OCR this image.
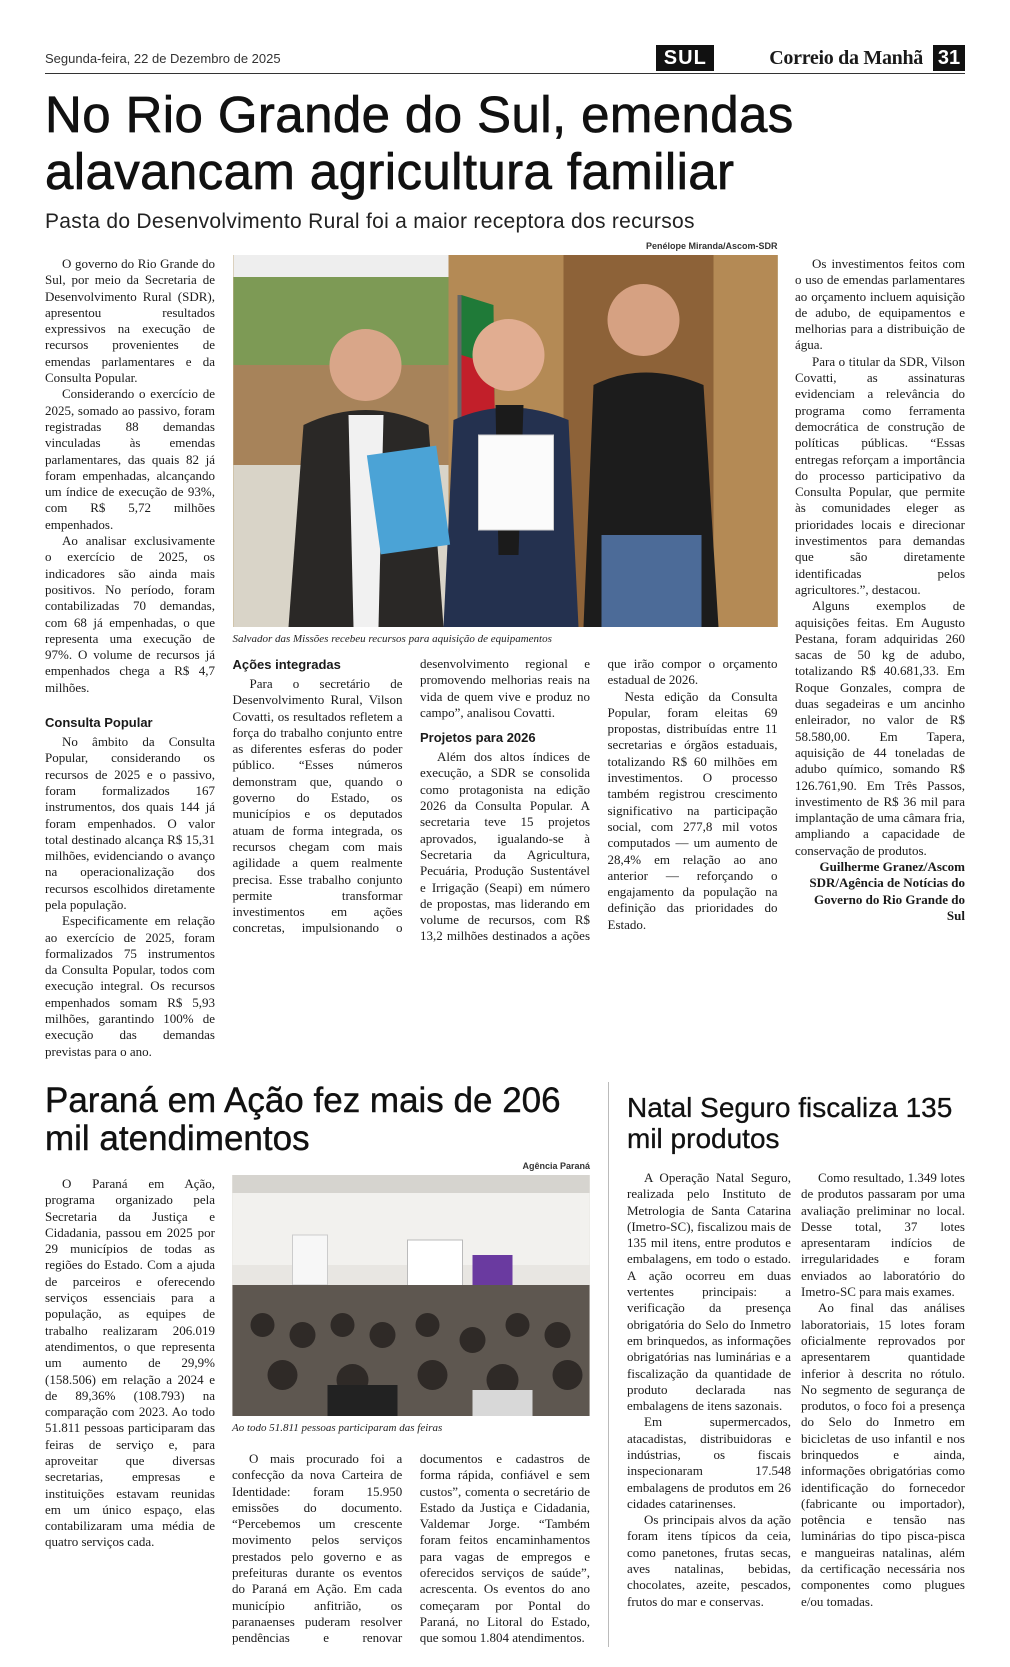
Segunda-feira, 22 de Dezembro de 2025	SUL	Correio da Manhã 31
No Rio Grande do Sul, emendas
alavancam agricultura familiar
Pasta do Desenvolvimento Rural foi a maior receptora dos recursos

O governo do Rio Grande do Sul, por meio da Secretaria de Desenvolvimento Rural (SDR), apresentou resultados expressivos na execução de recursos provenientes de emendas parlamentares e da Consulta Popular.

Considerando o exercício de 2025, somado ao passivo, foram registradas 88 demandas vinculadas às emendas parlamentares, das quais 82 já foram empenhadas, alcançando um índice de execução de 93%, com R$ 5,72 milhões empenhados.

Ao analisar exclusivamente o exercício de 2025, os indicadores são ainda mais positivos. No período, foram contabilizadas 70 demandas, com 68 já empenhadas, o que representa uma execução de 97%. O volume de recursos já empenhados chega a R$ 4,7 milhões.

Consulta Popular

No âmbito da Consulta Popular, considerando os recursos de 2025 e o passivo, foram formalizados 167 instrumentos, dos quais 144 já foram empenhados. O valor total destinado alcança R$ 15,31 milhões, evidenciando o avanço na operacionalização dos recursos escolhidos diretamente pela população.

Especificamente em relação ao exercício de 2025, foram formalizados 75 instrumentos da Consulta Popular, todos com execução integral. Os recursos empenhados somam R$ 5,93 milhões, garantindo 100% de execução das demandas previstas para o ano.

Penélope Miranda/Ascom-SDR
Salvador das Missões recebeu recursos para aquisição de equipamentos
Ações integradas

Para o secretário de Desenvolvimento Rural, Vilson Covatti, os resultados refletem a força do trabalho conjunto entre as diferentes esferas do poder público. “Esses números demonstram que, quando o governo do Estado, os municípios e os deputados atuam de forma integrada, os recursos chegam com mais agilidade a quem realmente precisa. Esse trabalho conjunto permite transformar investimentos em ações concretas, impulsionando o desenvolvimento regional e promovendo melhorias reais na vida de quem vive e produz no campo”, analisou Covatti.

Projetos para 2026

Além dos altos índices de execução, a SDR se consolida como protagonista na edição 2026 da Consulta Popular. A secretaria teve 15 projetos aprovados, igualando-se à Secretaria da Agricultura, Pecuária, Produção Sustentável e Irrigação (Seapi) em número de propostas, mas liderando em volume de recursos, com R$ 13,2 milhões destinados a ações que irão compor o orçamento estadual de 2026.

Nesta edição da Consulta Popular, foram eleitas 69 propostas, distribuídas entre 11 secretarias e órgãos estaduais, totalizando R$ 60 milhões em investimentos. O processo também registrou crescimento significativo na participação social, com 277,8 mil votos computados — um aumento de 28,4% em relação ao ano anterior — reforçando o engajamento da população na definição das prioridades do Estado.

Os investimentos feitos com o uso de emendas parlamentares ao orçamento incluem aquisição de adubo, de equipamentos e melhorias para a distribuição de água.

Para o titular da SDR, Vilson Covatti, as assinaturas evidenciam a relevância do programa como ferramenta democrática de construção de políticas públicas. “Essas entregas reforçam a importância do processo participativo da Consulta Popular, que permite às comunidades eleger as prioridades locais e direcionar investimentos para demandas que são diretamente identificadas pelos agricultores.”, destacou.

Alguns exemplos de aquisições feitas. Em Augusto Pestana, foram adquiridas 260 sacas de 50 kg de adubo, totalizando R$ 40.681,33. Em Roque Gonzales, compra de duas segadeiras e um ancinho enleirador, no valor de R$ 58.580,00. Em Tapera, aquisição de 44 toneladas de adubo químico, somando R$ 126.761,90. Em Três Passos, investimento de R$ 36 mil para implantação de uma câmara fria, ampliando a capacidade de conservação de produtos.

Guilherme Granez/Ascom SDR/Agência de Notícias do Governo do Rio Grande do Sul

Paraná em Ação fez mais de 206 mil atendimentos

O Paraná em Ação, programa organizado pela Secretaria da Justiça e Cidadania, passou em 2025 por 29 municípios de todas as regiões do Estado. Com a ajuda de parceiros e oferecendo serviços essenciais para a população, as equipes de trabalho realizaram 206.019 atendimentos, o que representa um aumento de 29,9% (158.506) em relação a 2024 e de 89,36% (108.793) na comparação com 2023. Ao todo 51.811 pessoas participaram das feiras de serviço e, para aproveitar que diversas secretarias, empresas e instituições estavam reunidas em um único espaço, elas contabilizaram uma média de quatro serviços cada.

Agência Paraná
Ao todo 51.811 pessoas participaram das feiras

O mais procurado foi a confecção da nova Carteira de Identidade: foram 15.950 emissões do documento. “Percebemos um crescente movimento pelos serviços prestados pelo governo e as prefeituras durante os eventos do Paraná em Ação. Em cada município anfitrião, os paranaenses puderam resolver pendências e renovar documentos e cadastros de forma rápida, confiável e sem custos”, comenta o secretário de Estado da Justiça e Cidadania, Valdemar Jorge. “Também foram feitos encaminhamentos para vagas de empregos e oferecidos serviços de saúde”, acrescenta. Os eventos do ano começaram por Pontal do Paraná, no Litoral do Estado, que somou 1.804 atendimentos.

Natal Seguro fiscaliza 135 mil produtos

A Operação Natal Seguro, realizada pelo Instituto de Metrologia de Santa Catarina (Imetro-SC), fiscalizou mais de 135 mil itens, entre produtos e embalagens, em todo o estado. A ação ocorreu em duas vertentes principais: a verificação da presença obrigatória do Selo do Inmetro em brinquedos, as informações obrigatórias nas luminárias e a fiscalização da quantidade de produto declarada nas embalagens de itens sazonais.

Em supermercados, atacadistas, distribuidoras e indústrias, os fiscais inspecionaram 17.548 embalagens de produtos em 26 cidades catarinenses.

Os principais alvos da ação foram itens típicos da ceia, como panetones, frutas secas, aves natalinas, bebidas, chocolates, azeite, pescados, frutos do mar e conservas.

Como resultado, 1.349 lotes de produtos passaram por uma avaliação preliminar no local. Desse total, 37 lotes apresentaram indícios de irregularidades e foram enviados ao laboratório do Imetro-SC para mais exames.

Ao final das análises laboratoriais, 15 lotes foram oficialmente reprovados por apresentarem quantidade inferior à descrita no rótulo. No segmento de segurança de produtos, o foco foi a presença do Selo do Inmetro em bicicletas de uso infantil e nos brinquedos e ainda, informações obrigatórias como identificação do fornecedor (fabricante ou importador), potência e tensão nas luminárias do tipo pisca-pisca e mangueiras natalinas, além da certificação necessária nos componentes como plugues e/ou tomadas.
